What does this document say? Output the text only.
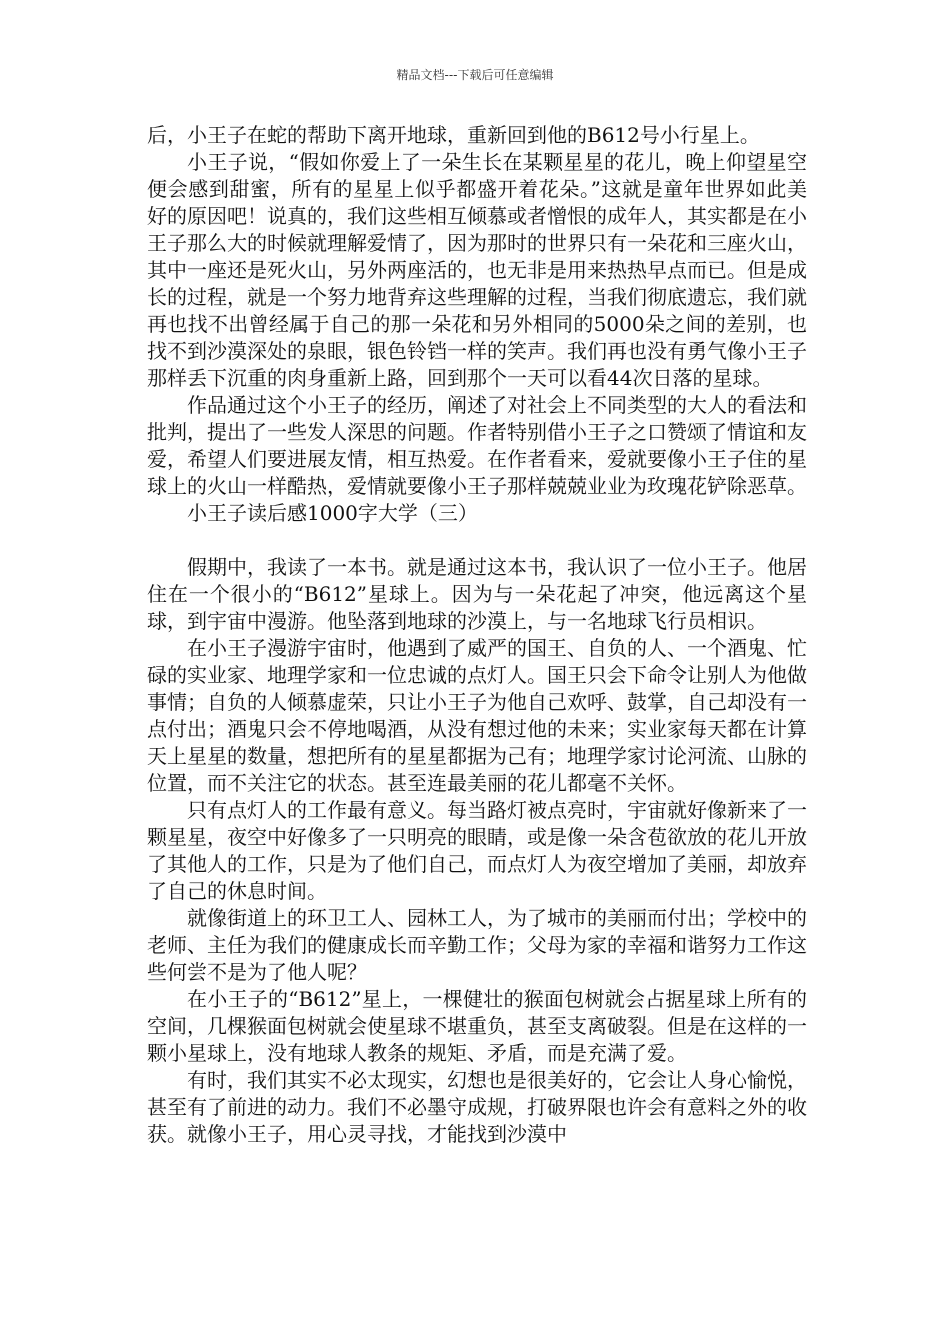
精品文档---下载后可任意编辑

后，小王子在蛇的帮助下离开地球，重新回到他的B612号小行星上。

小王子说，“假如你爱上了一朵生长在某颗星星的花儿，晚上仰望星空便会感到甜蜜，所有的星星上似乎都盛开着花朵。”这就是童年世界如此美好的原因吧！说真的，我们这些相互倾慕或者憎恨的成年人，其实都是在小王子那么大的时候就理解爱情了，因为那时的世界只有一朵花和三座火山，其中一座还是死火山，另外两座活的，也无非是用来热热早点而已。但是成长的过程，就是一个努力地背弃这些理解的过程，当我们彻底遗忘，我们就再也找不出曾经属于自己的那一朵花和另外相同的5000朵之间的差别，也找不到沙漠深处的泉眼，银色铃铛一样的笑声。我们再也没有勇气像小王子那样丢下沉重的肉身重新上路，回到那个一天可以看44次日落的星球。

作品通过这个小王子的经历，阐述了对社会上不同类型的大人的看法和批判，提出了一些发人深思的问题。作者特别借小王子之口赞颂了情谊和友爱，希望人们要进展友情，相互热爱。在作者看来，爱就要像小王子住的星球上的火山一样酷热，爱情就要像小王子那样兢兢业业为玫瑰花铲除恶草。

小王子读后感1000字大学（三）

假期中，我读了一本书。就是通过这本书，我认识了一位小王子。他居住在一个很小的“B612”星球上。因为与一朵花起了冲突，他远离这个星球，到宇宙中漫游。他坠落到地球的沙漠上，与一名地球飞行员相识。

在小王子漫游宇宙时，他遇到了威严的国王、自负的人、一个酒鬼、忙碌的实业家、地理学家和一位忠诚的点灯人。国王只会下命令让别人为他做事情；自负的人倾慕虚荣，只让小王子为他自己欢呼、鼓掌，自己却没有一点付出；酒鬼只会不停地喝酒，从没有想过他的未来；实业家每天都在计算天上星星的数量，想把所有的星星都据为己有；地理学家讨论河流、山脉的位置，而不关注它的状态。甚至连最美丽的花儿都毫不关怀。

只有点灯人的工作最有意义。每当路灯被点亮时，宇宙就好像新来了一颗星星，夜空中好像多了一只明亮的眼睛，或是像一朵含苞欲放的花儿开放了其他人的工作，只是为了他们自己，而点灯人为夜空增加了美丽，却放弃了自己的休息时间。

就像街道上的环卫工人、园林工人，为了城市的美丽而付出；学校中的老师、主任为我们的健康成长而辛勤工作；父母为家的幸福和谐努力工作这些何尝不是为了他人呢？

在小王子的“B612”星上，一棵健壮的猴面包树就会占据星球上所有的空间，几棵猴面包树就会使星球不堪重负，甚至支离破裂。但是在这样的一颗小星球上，没有地球人教条的规矩、矛盾，而是充满了爱。

有时，我们其实不必太现实，幻想也是很美好的，它会让人身心愉悦，甚至有了前进的动力。我们不必墨守成规，打破界限也许会有意料之外的收获。就像小王子，用心灵寻找，才能找到沙漠中
